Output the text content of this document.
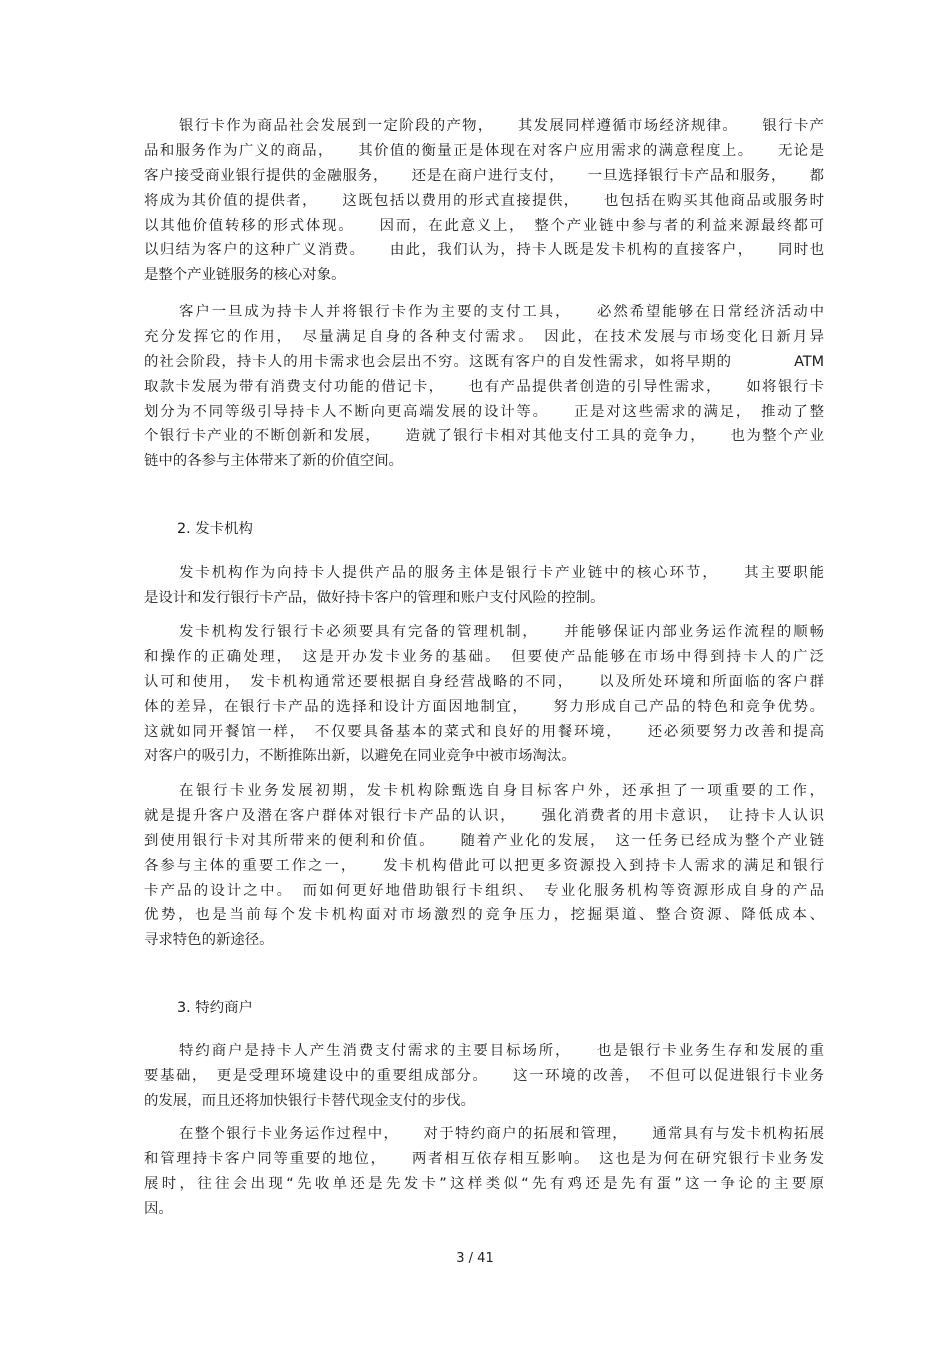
银行卡作为商品社会发展到一定阶段的产物，　　其发展同样遵循市场经济规律。　　银行卡产
品和服务作为广义的商品，　　其价值的衡量正是体现在对客户应用需求的满意程度上。　　无论是
客户接受商业银行提供的金融服务，　　还是在商户进行支付，　　一旦选择银行卡产品和服务，　　都
将成为其价值的提供者，　　这既包括以费用的形式直接提供，　　也包括在购买其他商品或服务时
以其他价值转移的形式体现。　　因而，在此意义上，　整个产业链中参与者的利益来源最终都可
以归结为客户的这种广义消费。　　由此，我们认为，持卡人既是发卡机构的直接客户，　　同时也
是整个产业链服务的核心对象。
客户一旦成为持卡人并将银行卡作为主要的支付工具，　　必然希望能够在日常经济活动中
充分发挥它的作用，　尽量满足自身的各种支付需求。　因此，在技术发展与市场变化日新月异
的社会阶段，持卡人的用卡需求也会层出不穷。这既有客户的自发性需求，如将早期的　　　　ATM
取款卡发展为带有消费支付功能的借记卡，　　也有产品提供者创造的引导性需求，　　如将银行卡
划分为不同等级引导持卡人不断向更高端发展的设计等。　　正是对这些需求的满足，　推动了整
个银行卡产业的不断创新和发展，　　造就了银行卡相对其他支付工具的竞争力，　　也为整个产业
链中的各参与主体带来了新的价值空间。
2. 发卡机构
发卡机构作为向持卡人提供产品的服务主体是银行卡产业链中的核心环节，　　其主要职能
是设计和发行银行卡产品，做好持卡客户的管理和账户支付风险的控制。
发卡机构发行银行卡必须要具有完备的管理机制，　　并能够保证内部业务运作流程的顺畅
和操作的正确处理，　这是开办发卡业务的基础。　但要使产品能够在市场中得到持卡人的广泛
认可和使用，　发卡机构通常还要根据自身经营战略的不同，　　以及所处环境和所面临的客户群
体的差异，在银行卡产品的选择和设计方面因地制宜，　　努力形成自己产品的特色和竞争优势。
这就如同开餐馆一样，　不仅要具备基本的菜式和良好的用餐环境，　　还必须要努力改善和提高
对客户的吸引力，不断推陈出新，以避免在同业竞争中被市场淘汰。
在银行卡业务发展初期，发卡机构除甄选自身目标客户外，还承担了一项重要的工作，
就是提升客户及潜在客户群体对银行卡产品的认识，　　强化消费者的用卡意识，　让持卡人认识
到使用银行卡对其所带来的便利和价值。　　随着产业化的发展，　这一任务已经成为整个产业链
各参与主体的重要工作之一，　　发卡机构借此可以把更多资源投入到持卡人需求的满足和银行
卡产品的设计之中。　而如何更好地借助银行卡组织、　专业化服务机构等资源形成自身的产品
优势，也是当前每个发卡机构面对市场激烈的竞争压力，挖掘渠道、整合资源、降低成本、
寻求特色的新途径。
3. 特约商户
特约商户是持卡人产生消费支付需求的主要目标场所，　　也是银行卡业务生存和发展的重
要基础，　更是受理环境建设中的重要组成部分。　　这一环境的改善，　不但可以促进银行卡业务
的发展，而且还将加快银行卡替代现金支付的步伐。
在整个银行卡业务运作过程中，　　对于特约商户的拓展和管理，　　通常具有与发卡机构拓展
和管理持卡客户同等重要的地位，　　两者相互依存相互影响。　这也是为何在研究银行卡业务发
展时，往往会出现“先收单还是先发卡”这样类似“先有鸡还是先有蛋”这一争论的主要原
因。
3 / 41
